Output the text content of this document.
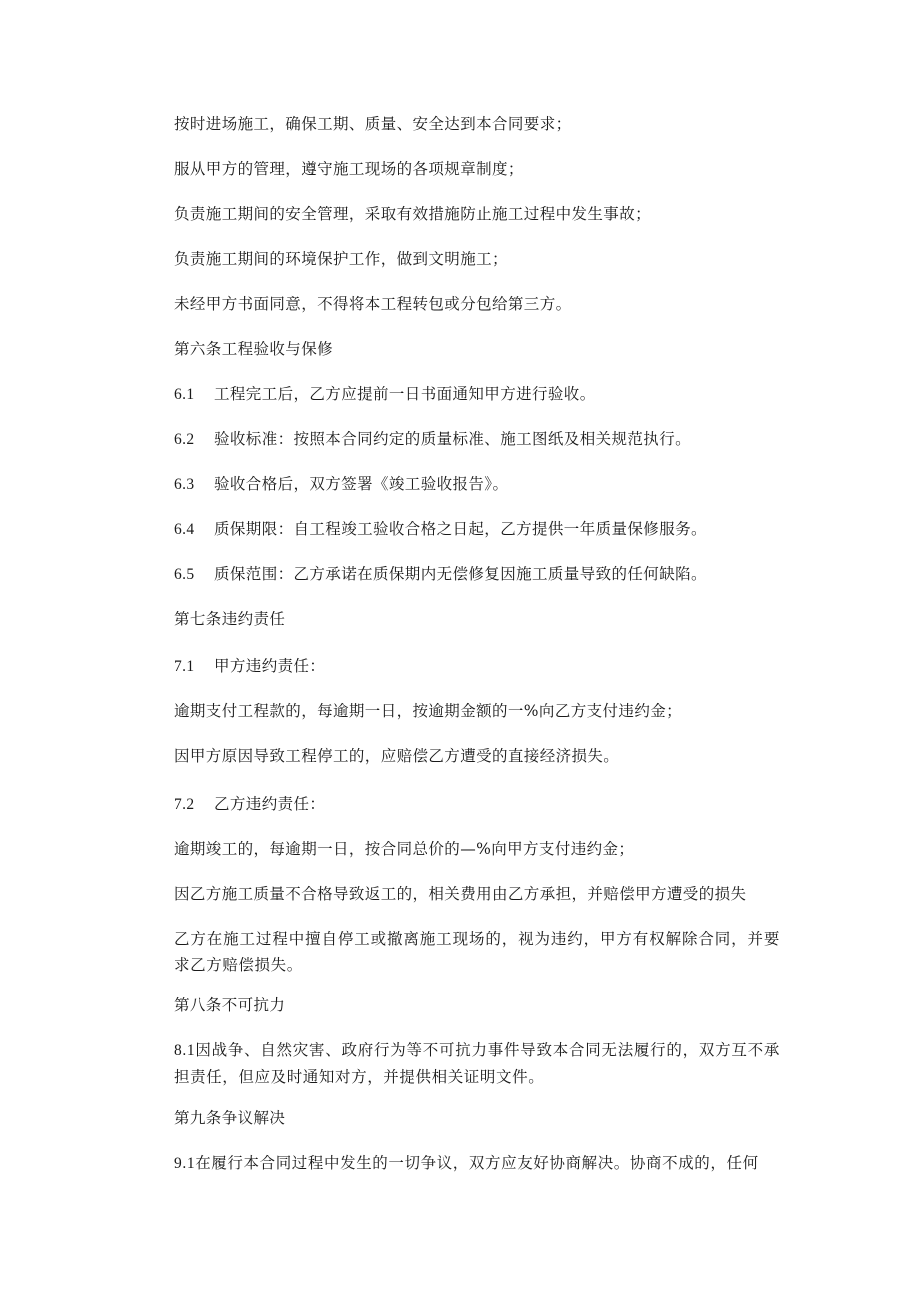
按时进场施工，确保工期、质量、安全达到本合同要求；
服从甲方的管理，遵守施工现场的各项规章制度；
负责施工期间的安全管理，采取有效措施防止施工过程中发生事故；
负责施工期间的环境保护工作，做到文明施工；
未经甲方书面同意，不得将本工程转包或分包给第三方。
第六条工程验收与保修
6.1 工程完工后，乙方应提前一日书面通知甲方进行验收。
6.2 验收标准：按照本合同约定的质量标准、施工图纸及相关规范执行。
6.3 验收合格后，双方签署《竣工验收报告》。
6.4 质保期限：自工程竣工验收合格之日起，乙方提供一年质量保修服务。
6.5 质保范围：乙方承诺在质保期内无偿修复因施工质量导致的任何缺陷。
第七条违约责任
7.1 甲方违约责任：
逾期支付工程款的，每逾期一日，按逾期金额的一%向乙方支付违约金；
因甲方原因导致工程停工的，应赔偿乙方遭受的直接经济损失。
7.2 乙方违约责任：
逾期竣工的，每逾期一日，按合同总价的—%向甲方支付违约金；
因乙方施工质量不合格导致返工的，相关费用由乙方承担，并赔偿甲方遭受的损失
乙方在施工过程中擅自停工或撤离施工现场的，视为违约，甲方有权解除合同，并要求乙方赔偿损失。
第八条不可抗力
8.1因战争、自然灾害、政府行为等不可抗力事件导致本合同无法履行的，双方互不承担责任，但应及时通知对方，并提供相关证明文件。
第九条争议解决
9.1在履行本合同过程中发生的一切争议，双方应友好协商解决。协商不成的，任何
